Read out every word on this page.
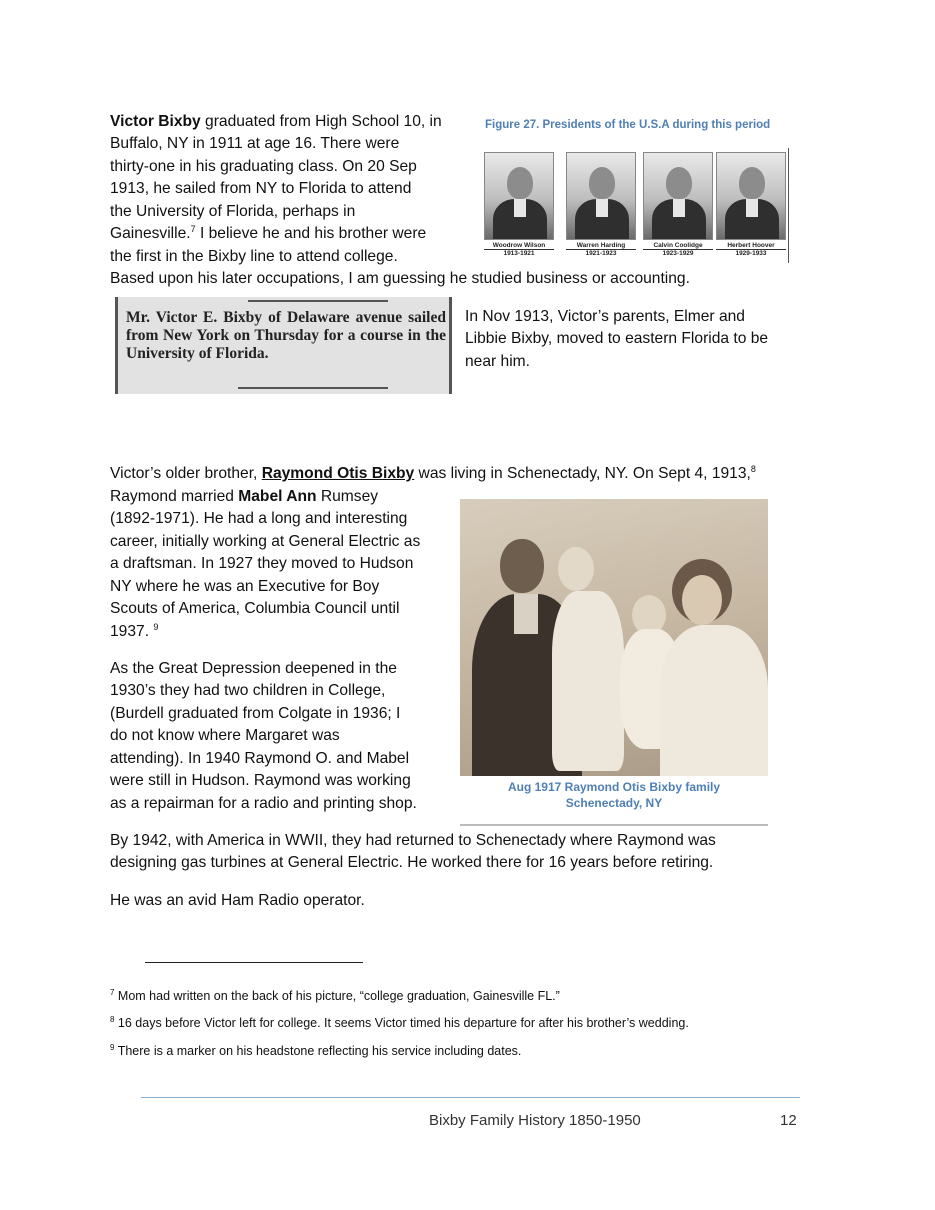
Victor Bixby graduated from High School 10, in
Buffalo, NY in 1911 at age 16. There were
thirty-one in his graduating class. On 20 Sep
1913, he sailed from NY to Florida to attend
the University of Florida, perhaps in
Gainesville.$^7$ I believe he and his brother were
the first in the Bixby line to attend college.
Based upon his later occupations, I am guessing he studied business or accounting.
Figure 27. Presidents of the U.S.A during this period
Woodrow Wilson
1913-1921
Warren Harding
1921-1923
Calvin Coolidge
1923-1929
Herbert Hoover
1929-1933
Mr. Victor E. Bixby of Delaware avenue sailed from New York on Thursday for a course in the University of Florida.
In Nov 1913, Victor’s parents, Elmer and
Libbie Bixby, moved to eastern Florida to be
near him.
Victor’s older brother, Raymond Otis Bixby was living in Schenectady, NY. On Sept 4, 1913,$^8$
Raymond married Mabel Ann Rumsey
(1892-1971). He had a long and interesting
career, initially working at General Electric as
a draftsman. In 1927 they moved to Hudson
NY where he was an Executive for Boy
Scouts of America, Columbia Council until
1937. $^9$
Aug 1917 Raymond Otis Bixby family
Schenectady, NY
As the Great Depression deepened in the
1930’s they had two children in College,
(Burdell graduated from Colgate in 1936; I
do not know where Margaret was
attending). In 1940 Raymond O. and Mabel
were still in Hudson. Raymond was working
as a repairman for a radio and printing shop.
By 1942, with America in WWII, they had returned to Schenectady where Raymond was
designing gas turbines at General Electric. He worked there for 16 years before retiring.
He was an avid Ham Radio operator.
$^7$ Mom had written on the back of his picture, “college graduation, Gainesville FL.”
$^8$ 16 days before Victor left for college. It seems Victor timed his departure for after his brother’s wedding.
$^9$ There is a marker on his headstone reflecting his service including dates.
Bixby Family History 1850-1950	12
